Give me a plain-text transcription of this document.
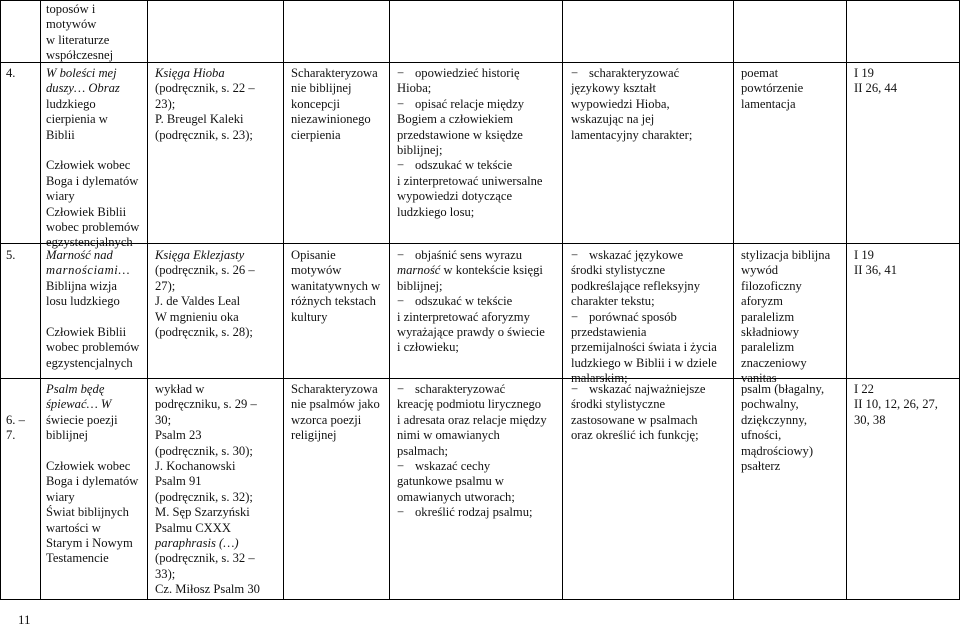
toposów i
motywów
w literaturze
współczesnej
4.	W boleści mej
duszy… Obraz
ludzkiego
cierpienia w
Biblii

Człowiek wobec
Boga i dylematów
wiary
Człowiek Biblii
wobec problemów
egzystencjalnych
Księga Hioba
(podręcznik, s. 22 –
23);
P. Breugel Kaleki
(podręcznik, s. 23);
Scharakteryzowa
nie biblijnej
koncepcji
niezawinionego
cierpienia
− opowiedzieć historię
Hioba;
− opisać relacje między
Bogiem a człowiekiem
przedstawione w księdze
biblijnej;
− odszukać w tekście
i zinterpretować uniwersalne
wypowiedzi dotyczące
ludzkiego losu;
− scharakteryzować
językowy kształt
wypowiedzi Hioba,
wskazując na jej
lamentacyjny charakter;
poemat
powtórzenie
lamentacja
I 19
II 26, 44
5.	Marność nad
marnościami…
Biblijna wizja
losu ludzkiego

Człowiek Biblii
wobec problemów
egzystencjalnych
Księga Eklezjasty
(podręcznik, s. 26 –
27);
J. de Valdes Leal
W mgnieniu oka
(podręcznik, s. 28);
Opisanie
motywów
wanitatywnych w
różnych tekstach
kultury
− objaśnić sens wyrazu
marność w kontekście księgi
biblijnej;
− odszukać w tekście
i zinterpretować aforyzmy
wyrażające prawdy o świecie
i człowieku;
− wskazać językowe
środki stylistyczne
podkreślające refleksyjny
charakter tekstu;
− porównać sposób
przedstawienia
przemijalności świata i życia
ludzkiego w Biblii i w dziele
malarskim;
stylizacja biblijna
wywód
filozoficzny
aforyzm
paralelizm
składniowy
paralelizm
znaczeniowy
vanitas
I 19
II 36, 41

6. –
7.

Psalm będę
śpiewać… W
świecie poezji
biblijnej

Człowiek wobec
Boga i dylematów
wiary
Świat biblijnych
wartości w
Starym i Nowym
Testamencie
wykład w
podręczniku, s. 29 –
30;
Psalm 23
(podręcznik, s. 30);
J. Kochanowski
Psalm 91
(podręcznik, s. 32);
M. Sęp Szarzyński
Psalmu CXXX
paraphrasis (…)
(podręcznik, s. 32 –
33);
Cz. Miłosz Psalm 30
Scharakteryzowa
nie psalmów jako
wzorca poezji
religijnej
− scharakteryzować
kreację podmiotu lirycznego
i adresata oraz relacje między
nimi w omawianych
psalmach;
− wskazać cechy
gatunkowe psalmu w
omawianych utworach;
− określić rodzaj psalmu;
− wskazać najważniejsze
środki stylistyczne
zastosowane w psalmach
oraz określić ich funkcję;
psalm (błagalny,
pochwalny,
dziękczynny,
ufności,
mądrościowy)
psałterz
I 22
II 10, 12, 26, 27,
30, 38
11
